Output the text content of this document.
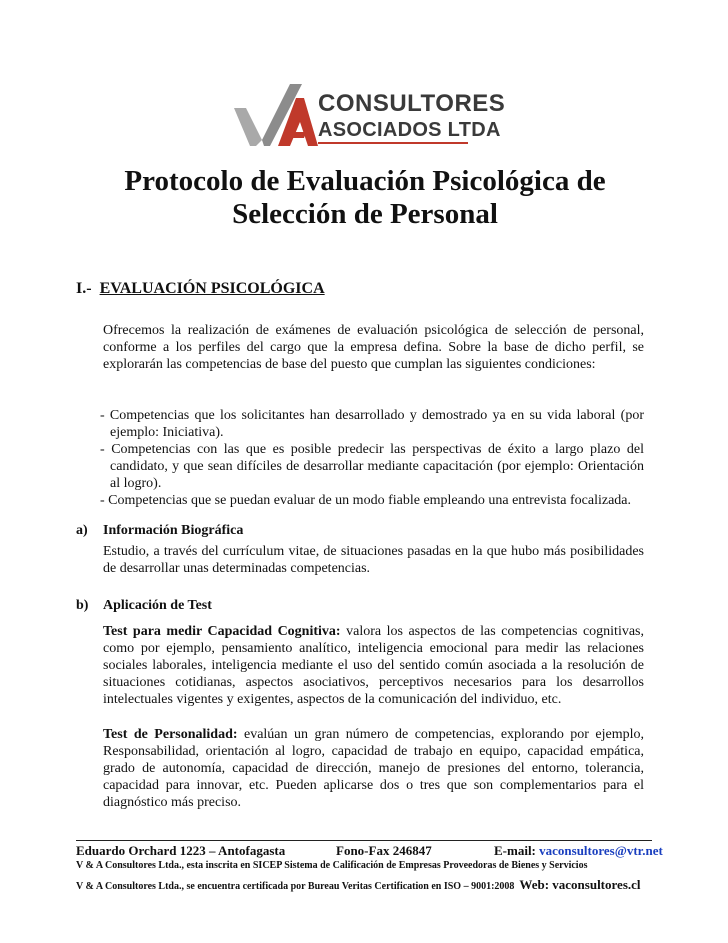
CONSULTORES
ASOCIADOS LTDA
Protocolo de Evaluación Psicológica de Selección de Personal
I.- EVALUACIÓN PSICOLÓGICA
Ofrecemos la realización de exámenes de evaluación psicológica de selección de personal, conforme a los perfiles del cargo que la empresa defina. Sobre la base de dicho perfil, se explorarán las competencias de base del puesto que cumplan las siguientes condiciones:
- Competencias que los solicitantes han desarrollado y demostrado ya en su vida laboral (por ejemplo: Iniciativa).
- Competencias con las que es posible predecir las perspectivas de éxito a largo plazo del candidato, y que sean difíciles de desarrollar mediante capacitación (por ejemplo: Orientación al logro).
- Competencias que se puedan evaluar de un modo fiable empleando una entrevista focalizada.
a) Información Biográfica
Estudio, a través del currículum vitae, de situaciones pasadas en la que hubo más posibilidades de desarrollar unas determinadas competencias.
b) Aplicación de Test
Test para medir Capacidad Cognitiva: valora los aspectos de las competencias cognitivas, como por ejemplo, pensamiento analítico, inteligencia emocional para medir las relaciones sociales laborales, inteligencia mediante el uso del sentido común asociada a la resolución de situaciones cotidianas, aspectos asociativos, perceptivos necesarios para los desarrollos intelectuales vigentes y exigentes, aspectos de la comunicación del individuo, etc.
Test de Personalidad: evalúan un gran número de competencias, explorando por ejemplo, Responsabilidad, orientación al logro, capacidad de trabajo en equipo, capacidad empática, grado de autonomía, capacidad de dirección, manejo de presiones del entorno, tolerancia, capacidad para innovar, etc. Pueden aplicarse dos o tres que son complementarios para el diagnóstico más preciso.
Eduardo Orchard 1223 – Antofagasta	Fono-Fax 246847	E-mail: vaconsultores@vtr.net
V & A Consultores Ltda., esta inscrita en SICEP Sistema de Calificación de Empresas Proveedoras de Bienes y Servicios
V & A Consultores Ltda., se encuentra certificada por Bureau Veritas Certification en ISO – 9001:2008 Web: vaconsultores.cl
